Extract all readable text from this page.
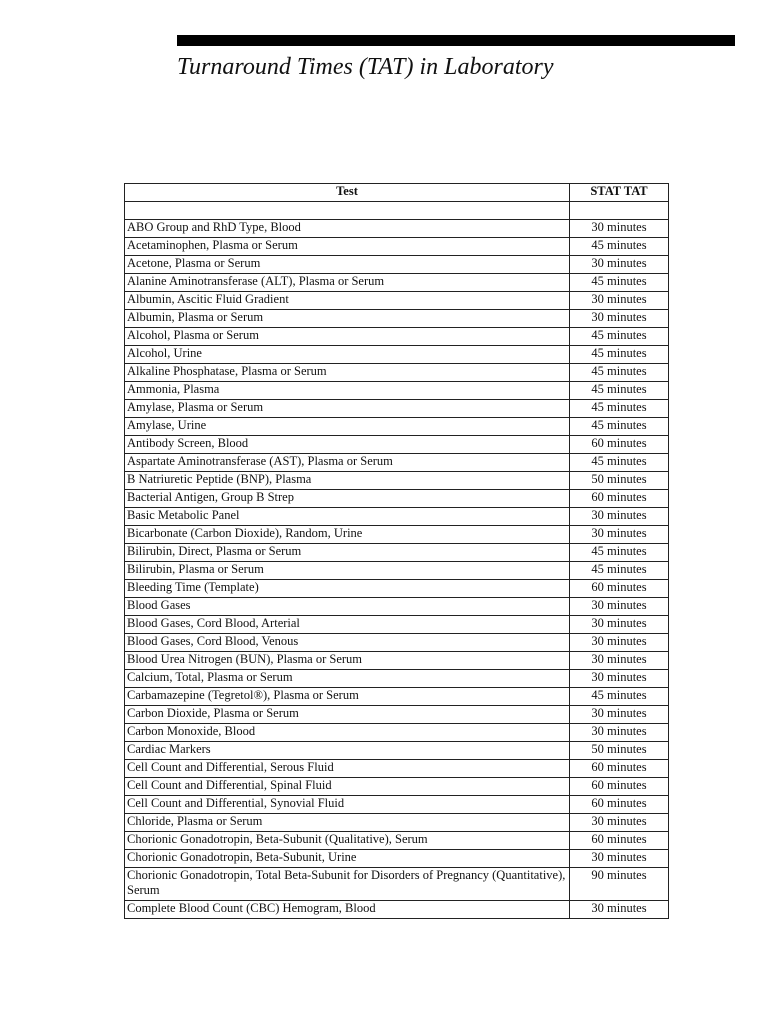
Turnaround Times (TAT) in Laboratory
Test	STAT TAT

ABO Group and RhD Type, Blood	30 minutes
Acetaminophen, Plasma or Serum	45 minutes
Acetone, Plasma or Serum	30 minutes
Alanine Aminotransferase (ALT), Plasma or Serum	45 minutes
Albumin, Ascitic Fluid Gradient	30 minutes
Albumin, Plasma or Serum	30 minutes
Alcohol, Plasma or Serum	45 minutes
Alcohol, Urine	45 minutes
Alkaline Phosphatase, Plasma or Serum	45 minutes
Ammonia, Plasma	45 minutes
Amylase, Plasma or Serum	45 minutes
Amylase, Urine	45 minutes
Antibody Screen, Blood	60 minutes
Aspartate Aminotransferase (AST), Plasma or Serum	45 minutes
B Natriuretic Peptide (BNP), Plasma	50 minutes
Bacterial Antigen, Group B Strep	60 minutes
Basic Metabolic Panel	30 minutes
Bicarbonate (Carbon Dioxide), Random, Urine	30 minutes
Bilirubin, Direct, Plasma or Serum	45 minutes
Bilirubin, Plasma or Serum	45 minutes
Bleeding Time (Template)	60 minutes
Blood Gases	30 minutes
Blood Gases, Cord Blood, Arterial	30 minutes
Blood Gases, Cord Blood, Venous	30 minutes
Blood Urea Nitrogen (BUN), Plasma or Serum	30 minutes
Calcium, Total, Plasma or Serum	30 minutes
Carbamazepine (Tegretol®), Plasma or Serum	45 minutes
Carbon Dioxide, Plasma or Serum	30 minutes
Carbon Monoxide, Blood	30 minutes
Cardiac Markers	50 minutes
Cell Count and Differential, Serous Fluid	60 minutes
Cell Count and Differential, Spinal Fluid	60 minutes
Cell Count and Differential, Synovial Fluid	60 minutes
Chloride, Plasma or Serum	30 minutes
Chorionic Gonadotropin, Beta-Subunit (Qualitative), Serum	60 minutes
Chorionic Gonadotropin, Beta-Subunit, Urine	30 minutes
Chorionic Gonadotropin, Total Beta-Subunit for Disorders of Pregnancy (Quantitative), Serum	90 minutes
Complete Blood Count (CBC) Hemogram, Blood	30 minutes
